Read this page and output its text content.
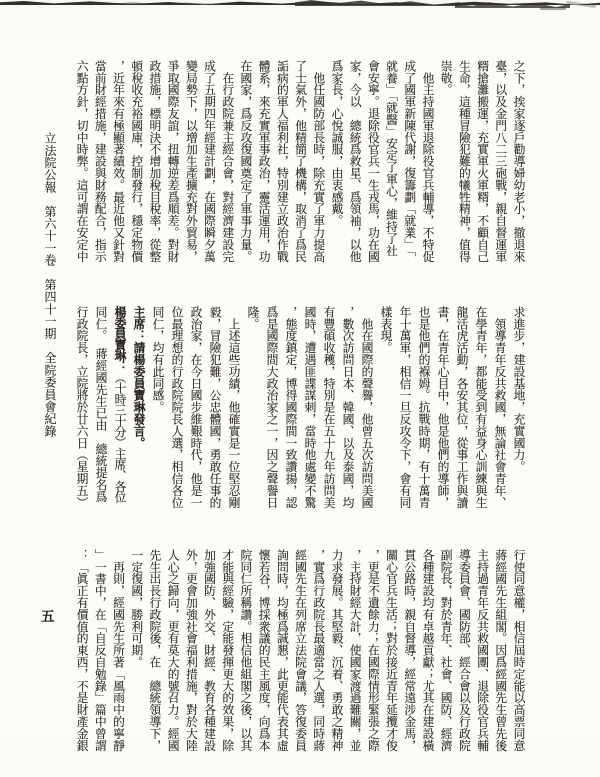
之下，挨家逐戶勸導婦幼老小，撤退來
臺，以及金門八二三砲戰，親自督運軍
糈搶灘搬運，充實軍火軍糈，不顧自己
生命，這種冒險犯難的犧牲精神，值得
崇敬。
　他主持國軍退除役官兵輔導，不特促
成了國軍新陳代謝，復籌劃「就業」「
就養」「就醫」安定了軍心，維持了社
會安寧。退除役官兵一生戎馬，功在國
家，今以　總統爲救星、爲領袖，以他
爲家長，心悅誠服，由衷感戴。
　他任國防部長時，除充實了軍力提高
了士氣外，他精簡了機構，取消了爲民
詬病的軍人福利社，特別建立政治作戰
體系，來充實軍事政治，靈活運用，功
在國家，爲反攻復國奠定了軍事力量。
　在行政院兼主經合會，對經濟建設完
成了五期四年經建計劃，在國際瞬夕萬
變局勢下，以增加生產擴充對外貿易，
爭取國際友誼，扭轉逆差爲順差。對財
政措施，標明決不增加稅目稅率，從整
頓稅收充裕國庫，控制發行，穩定物價
，近年來有極顯著績效。最近他又針對
當前財經措施，建設與財務配合，指示
六點方針，切中時弊。這可謂在安定中
求進步，建設基地，充實國力。
　領導青年反共救國，無論社會青年、
在學青年，都能受到有益身心訓練與生
龍活虎活動，各安其位，從事工作與讀
書，在青年心目中，他是他們的導師，
也是他們的褓姆。抗戰時期，有十萬青
年十萬軍，相信一旦反攻令下，會有同
樣表現。
　他在國際的聲譽，他曾五次訪問美國
，數次訪問日本、韓國、以及泰國，均
有豐碩收穫，特別是在五十九年訪問美
國時，遭遇匪諜謀刺，當時他處變不驚
，態度鎮定，博得國際間一致讚揚，認
爲是國際間大政治家之一，因之聲譽日
隆。
　上述這些功績，他確實是一位堅忍剛
毅，冒險犯難，公忠體國，勇敢任事的
政治家，在今日國步維艱時代，他是一
位最理想的行政院院長人選，相信各位
同仁，均有此同感。
主席：請楊委員寶琳發言。
楊委員寶琳：（十時三十分）主席、各位
同仁。　蔣經國先生已由　總統提名爲
行政院長，立院將於廿六日（星期五）
行使同意權，相信屆時定能以高票同意
蔣經國先生組閣。因爲經國先生曾先後
主持過青年反共救國團、退除役官兵輔
導委員會、國防部、經合會以及行政院
副院長，對於青年、社會、國防、經濟
各種建設均有卓越貢獻；尤其在建設橫
貫公路時，親自督導，經常遠涉金馬，
關心官兵生活；對於接近青年延攬才俊
，更是不遺餘力；在國際情形緊張之際
，主持財經大計，使國家渡過難關，並
力求發展。其堅毅、沉着、勇敢之精神
，實爲行政院長最適當之人選，同時蔣
經國先生在列席立法院會議，答復委員
詢問時，均極爲誠懇，此更能代表其虛
懷若谷，博採衆議的民主風度，向爲本
院同仁所稱讚。相信他組閣之後，以其
才能與經驗，定能發揮更大的效果，除
加強國防、外交、財經、教育各種建設
外，更會加強社會福利措施，對於大陸
人心之歸向，更有莫大的號召力。經國
先生出長行政院後，在　總統領導下，
一定復國，勝利可期。
　再則，經國先生所著「風雨中的寧靜
」一書中，在「自反自勉錄」篇中曾謂
：「眞正有價值的東西，不是財產金銀
立法院公報　第六十一卷　第四十一期　全院委員會紀錄
五
